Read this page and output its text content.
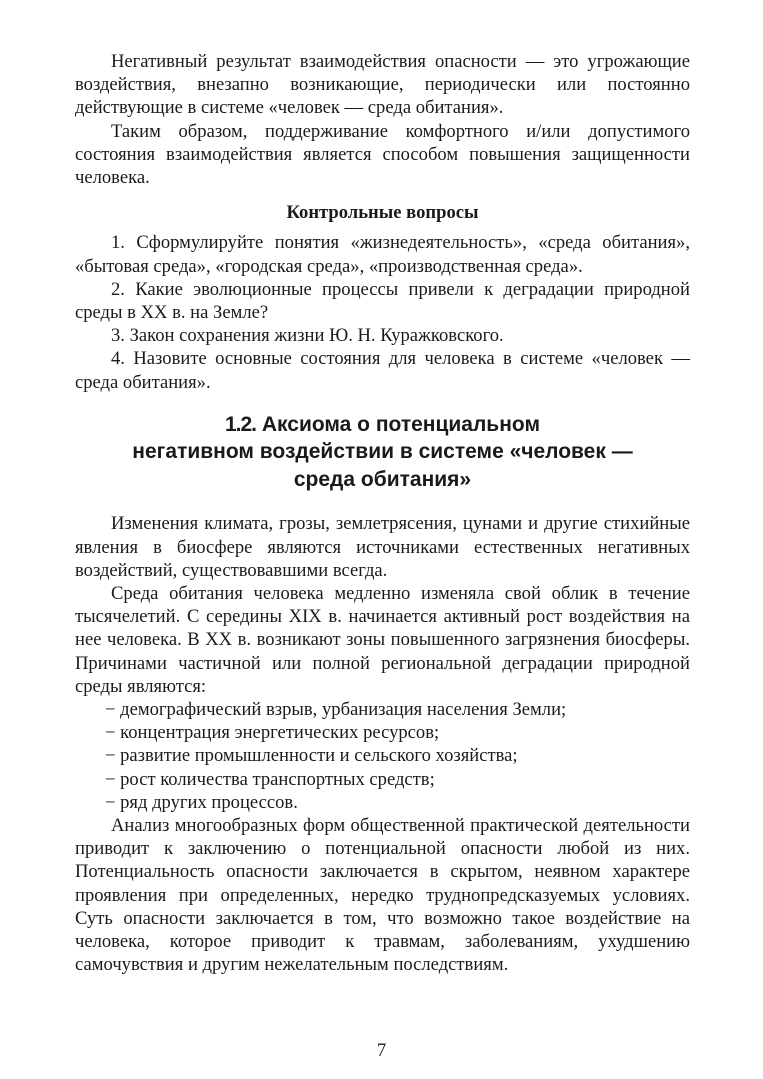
Негативный результат взаимодействия опасности — это угрожающие воздействия, внезапно возникающие, периодически или постоянно действующие в системе «человек — среда обитания».

Таким образом, поддерживание комфортного и/или допустимого состояния взаимодействия является способом повышения защищенности человека.

Контрольные вопросы

1. Сформулируйте понятия «жизнедеятельность», «среда обитания», «бытовая среда», «городская среда», «производственная среда».

2. Какие эволюционные процессы привели к деградации природной среды в XX в. на Земле?

3. Закон сохранения жизни Ю. Н. Куражковского.

4. Назовите основные состояния для человека в системе «человек — среда обитания».

1.2. Аксиома о потенциальном
негативном воздействии в системе «человек —
среда обитания»

Изменения климата, грозы, землетрясения, цунами и другие стихийные явления в биосфере являются источниками естественных негативных воздействий, существовавшими всегда.

Среда обитания человека медленно изменяла свой облик в течение тысячелетий. С середины XIX в. начинается активный рост воздействия на нее человека. В XX в. возникают зоны повышенного загрязнения биосферы. Причинами частичной или полной региональной деградации природной среды являются:

− демографический взрыв, урбанизация населения Земли;

− концентрация энергетических ресурсов;

− развитие промышленности и сельского хозяйства;

− рост количества транспортных средств;

− ряд других процессов.

Анализ многообразных форм общественной практической деятельности приводит к заключению о потенциальной опасности любой из них. Потенциальность опасности заключается в скрытом, неявном характере проявления при определенных, нередко труднопредсказуемых условиях. Суть опасности заключается в том, что возможно такое воздействие на человека, которое приводит к травмам, заболеваниям, ухудшению самочувствия и другим нежелательным последствиям.

7
